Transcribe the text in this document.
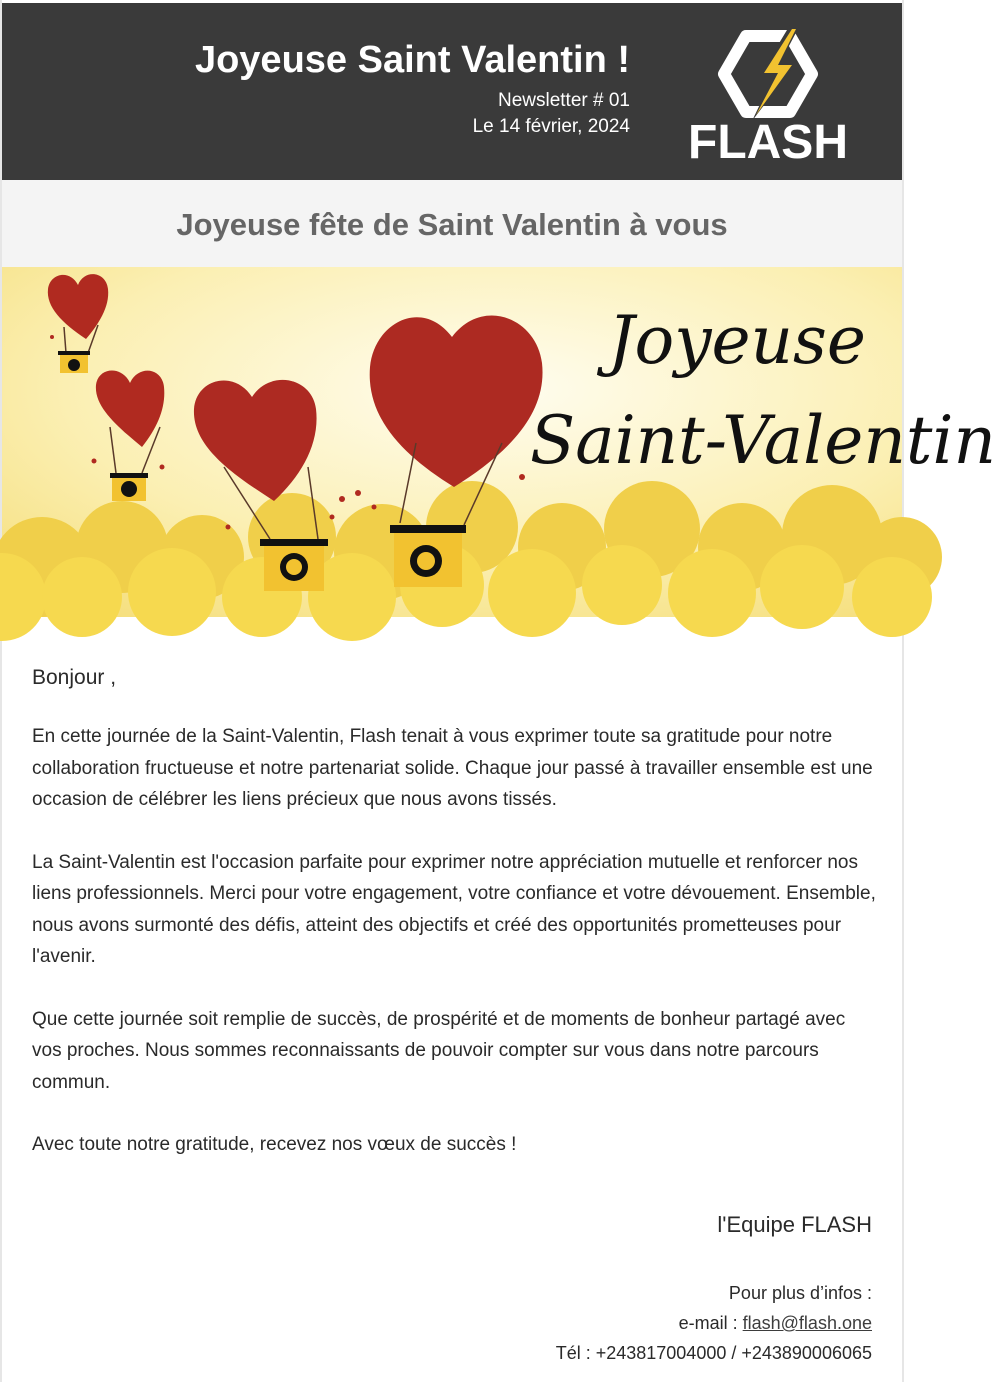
Joyeuse Saint Valentin !
Newsletter # 01
Le 14 février, 2024 FLASH
Joyeuse fête de Saint Valentin à vous
Joyeuse
Saint-Valentin

Bonjour ,

En cette journée de la Saint-Valentin, Flash tenait à vous exprimer toute sa gratitude pour notre collaboration fructueuse et notre partenariat solide. Chaque jour passé à travailler ensemble est une occasion de célébrer les liens précieux que nous avons tissés.

La Saint-Valentin est l'occasion parfaite pour exprimer notre appréciation mutuelle et renforcer nos liens professionnels. Merci pour votre engagement, votre confiance et votre dévouement. Ensemble, nous avons surmonté des défis, atteint des objectifs et créé des opportunités prometteuses pour l'avenir.

Que cette journée soit remplie de succès, de prospérité et de moments de bonheur partagé avec vos proches. Nous sommes reconnaissants de pouvoir compter sur vous dans notre parcours commun.

Avec toute notre gratitude, recevez nos vœux de succès !

l'Equipe FLASH
Pour plus d’infos :
e-mail : flash@flash.one
Tél : +243817004000 / +243890006065
